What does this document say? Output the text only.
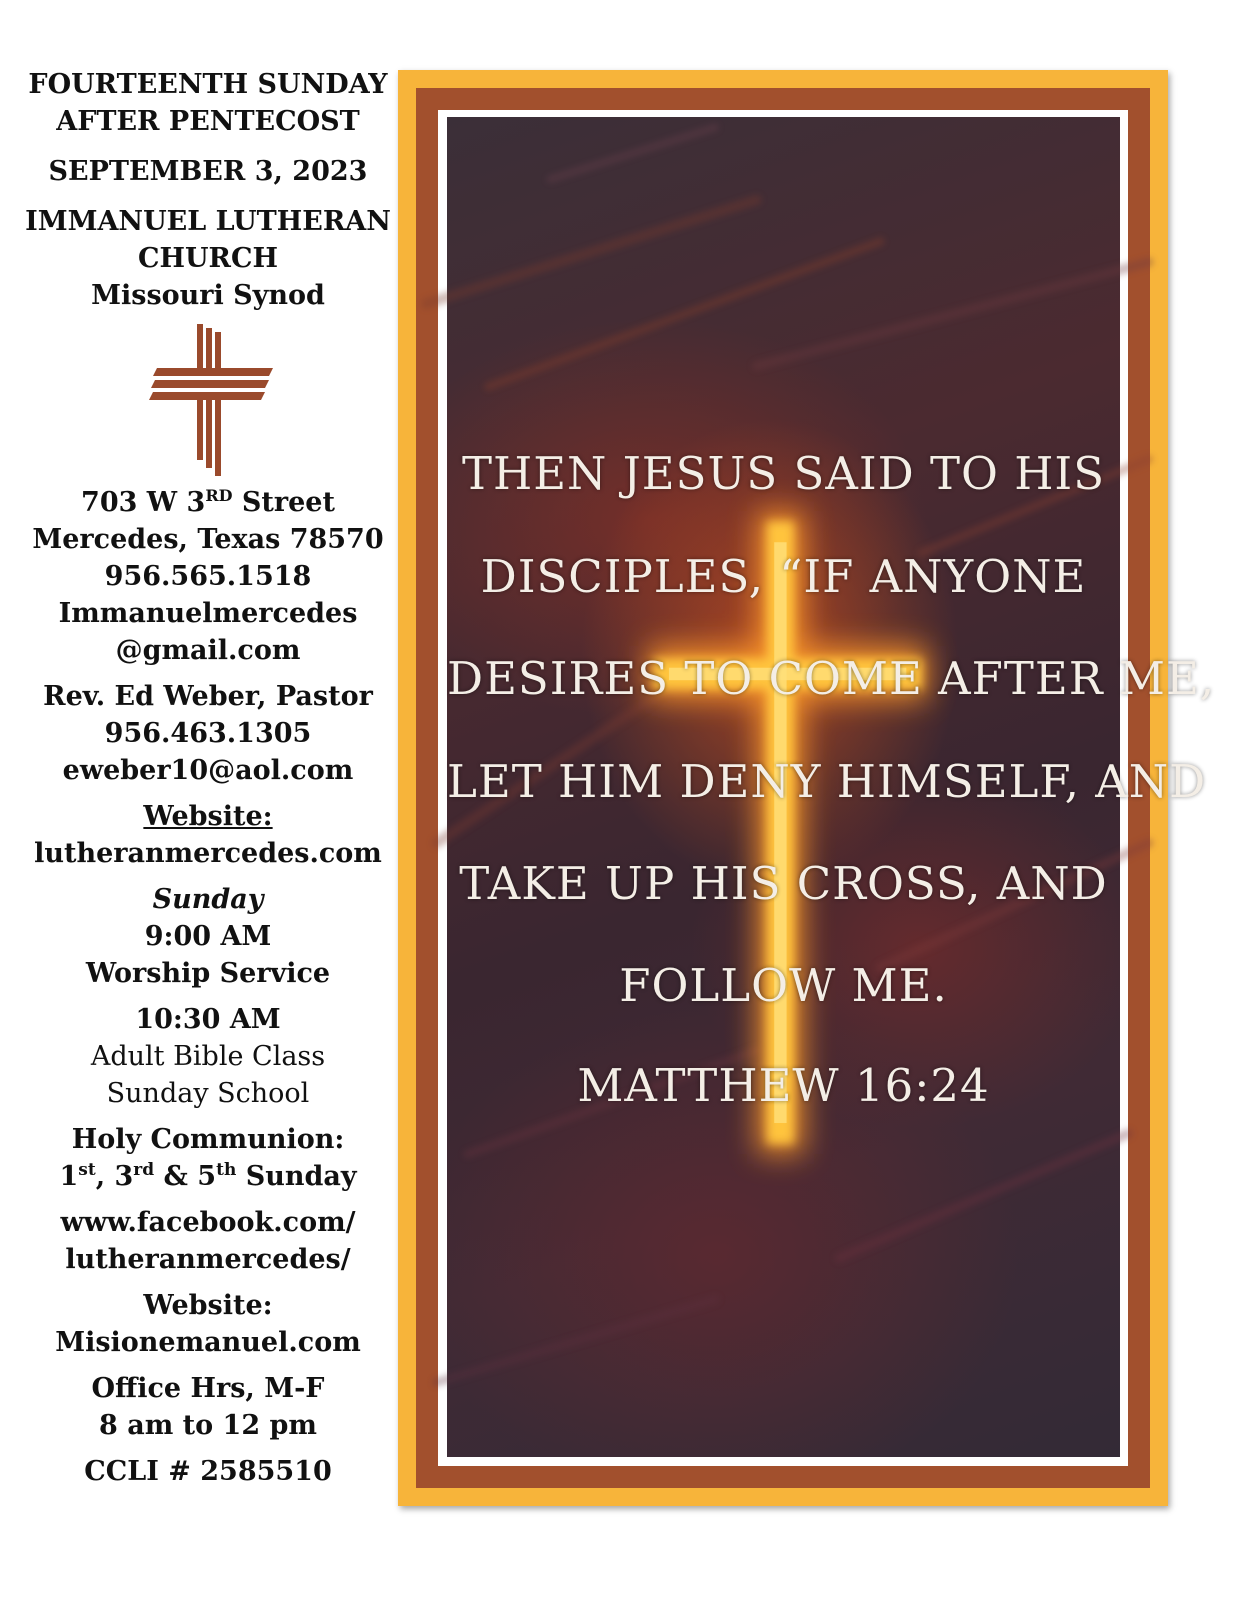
FOURTEENTH SUNDAY
AFTER PENTECOST
SEPTEMBER 3, 2023
IMMANUEL LUTHERAN
CHURCH
Missouri Synod
703 W 3RD Street
Mercedes, Texas 78570
956.565.1518
Immanuelmercedes
@gmail.com
Rev. Ed Weber, Pastor
956.463.1305
eweber10@aol.com
Website:
lutheranmercedes.com
Sunday
9:00 AM
Worship Service
10:30 AM
Adult Bible Class
Sunday School
Holy Communion:
1st, 3rd & 5th Sunday
www.facebook.com/
lutheranmercedes/
Website:
Misionemanuel.com
Office Hrs, M-F
8 am to 12 pm
CCLI # 2585510
THEN JESUS SAID TO HIS
DISCIPLES, “IF ANYONE
DESIRES TO COME AFTER ME,
LET HIM DENY HIMSELF, AND
TAKE UP HIS CROSS, AND
FOLLOW ME.
MATTHEW 16:24
